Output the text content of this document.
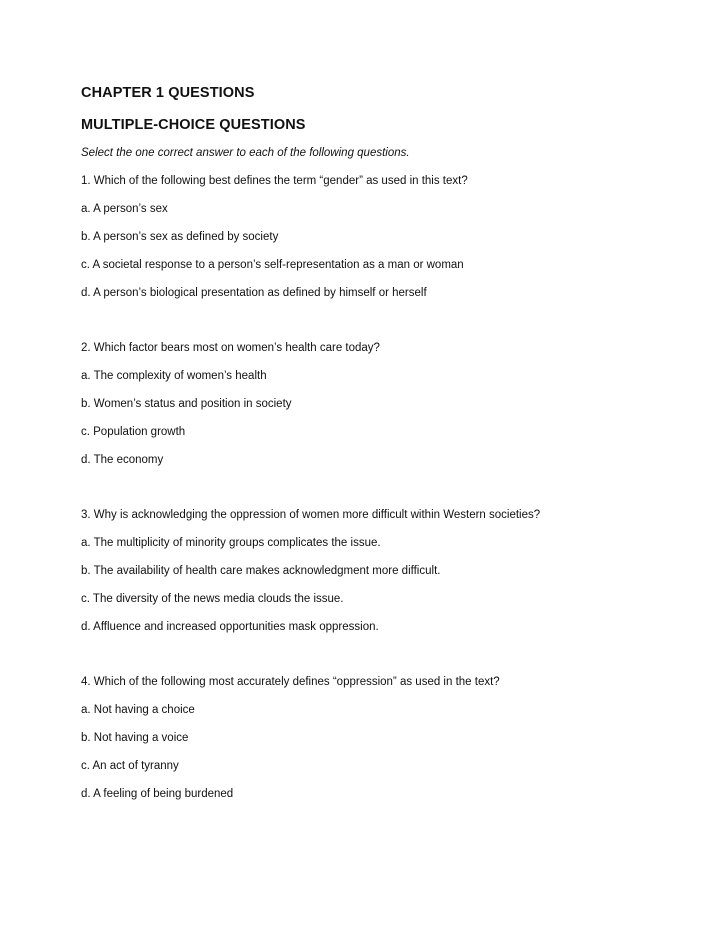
CHAPTER 1 QUESTIONS

MULTIPLE-CHOICE QUESTIONS

Select the one correct answer to each of the following questions.

1. Which of the following best defines the term “gender” as used in this text?

a. A person’s sex

b. A person’s sex as defined by society

c. A societal response to a person’s self-representation as a man or woman

d. A person’s biological presentation as defined by himself or herself

2. Which factor bears most on women’s health care today?

a. The complexity of women’s health

b. Women’s status and position in society

c. Population growth

d. The economy

3. Why is acknowledging the oppression of women more difficult within Western societies?

a. The multiplicity of minority groups complicates the issue.

b. The availability of health care makes acknowledgment more difficult.

c. The diversity of the news media clouds the issue.

d. Affluence and increased opportunities mask oppression.

4. Which of the following most accurately defines “oppression” as used in the text?

a. Not having a choice

b. Not having a voice

c. An act of tyranny

d. A feeling of being burdened
